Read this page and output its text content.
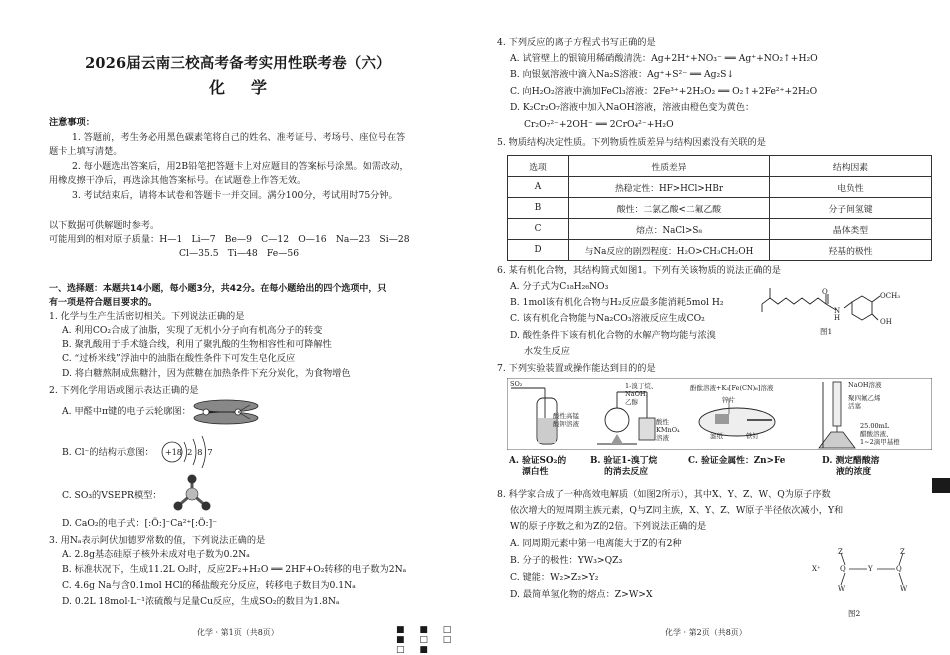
2026届云南三校高考备考实用性联考卷（六）
化学
注意事项：
1. 答题前，考生务必用黑色碳素笔将自己的姓名、准考证号、考场号、座位号在答
题卡上填写清楚。
2. 每小题选出答案后，用2B铅笔把答题卡上对应题目的答案标号涂黑。如需改动，
用橡皮擦干净后，再选涂其他答案标号。在试题卷上作答无效。
3. 考试结束后，请将本试卷和答题卡一并交回。满分100分，考试用时75分钟。
以下数据可供解题时参考。
可能用到的相对原子质量：H—1　Li—7　Be—9　C—12　O—16　Na—23　Si—28
Cl—35.5　Ti—48　Fe—56
一、选择题：本题共14小题，每小题3分，共42分。在每小题给出的四个选项中，只
有一项是符合题目要求的。
1. 化学与生产生活密切相关。下列说法正确的是
A. 利用CO₂合成了油脂，实现了无机小分子向有机高分子的转变
B. 聚乳酸用于手术缝合线，利用了聚乳酸的生物相容性和可降解性
C. “过桥米线”浮油中的油脂在酸性条件下可发生皂化反应
D. 将白糖熬制成焦糖汁，因为蔗糖在加热条件下充分炭化，为食物增色
2. 下列化学用语或图示表达正确的是
A. 甲醛中π键的电子云轮廓图：
B. Cl⁻的结构示意图： +18 2 8 7
C. SO₃的VSEPR模型：
D. CaO₂的电子式：[:Ö:]⁻Ca²⁺[:Ö:]⁻
3. 用Nₐ表示阿伏加德罗常数的值，下列说法正确的是
A. 2.8g基态硅原子核外未成对电子数为0.2Nₐ
B. 标准状况下，生成11.2L O₂时，反应2F₂+H₂O ══ 2HF+O₂转移的电子数为2Nₐ
C. 4.6g Na与含0.1mol HCl的稀盐酸充分反应，转移电子数目为0.1Nₐ
D. 0.2L 18mol·L⁻¹浓硫酸与足量Cu反应，生成SO₂的数目为1.8Nₐ
化学 · 第1页（共8页）	■ ■ □ ■ □ □ □ ■
4. 下列反应的离子方程式书写正确的是
A. 试管壁上的银镜用稀硝酸清洗：Ag+2H⁺+NO₃⁻ ══ Ag⁺+NO₂↑+H₂O
B. 向银氨溶液中滴入Na₂S溶液：Ag⁺+S²⁻ ══ Ag₂S↓
C. 向H₂O₂溶液中滴加FeCl₃溶液：2Fe³⁺+2H₂O₂ ══ O₂↑+2Fe²⁺+2H₂O
D. K₂Cr₂O₇溶液中加入NaOH溶液，溶液由橙色变为黄色：
Cr₂O₇²⁻+2OH⁻ ══ 2CrO₄²⁻+H₂O
5. 物质结构决定性质。下列物质性质差异与结构因素没有关联的是
选项	性质差异	结构因素
A	热稳定性：HF>HCl>HBr	电负性
B	酸性：二氯乙酸<二氟乙酸	分子间氢键
C	熔点：NaCl>S₈	晶体类型
D	与Na反应的剧烈程度：H₂O>CH₃CH₂OH	羟基的极性
6. 某有机化合物，其结构简式如图1。下列有关该物质的说法正确的是
A. 分子式为C₁₈H₂₆NO₃
B. 1mol该有机化合物与H₂反应最多能消耗5mol H₂
C. 该有机化合物能与Na₂CO₃溶液反应生成CO₂
D. 酸性条件下该有机化合物的水解产物均能与浓溴
水发生反应
O
N
H
OCH₃
OH
图1
7. 下列实验装置或操作能达到目的的是
SO₂
酸性高锰
酸钾溶液
1-溴丁烷、
NaOH、
乙醇
酸性
KMnO₄
溶液
酚酞溶液+K₃[Fe(CN)₆]溶液
锌片
滤纸	铁钉
NaOH溶液
聚四氟乙烯
活塞
25.00mL
醋酸溶液、
1~2滴甲基橙
A. 验证SO₂的
漂白性
B. 验证1-溴丁烷
的消去反应
C. 验证金属性：Zn>Fe	D. 测定醋酸溶
液的浓度
8. 科学家合成了一种高效电解质（如图2所示），其中X、Y、Z、W、Q为原子序数
依次增大的短周期主族元素，Q与Z同主族，X、Y、Z、W原子半径依次减小，Y和
W的原子序数之和为Z的2倍。下列说法正确的是
A. 同周期元素中第一电离能大于Z的有2种
B. 分子的极性：YW₃>QZ₃
C. 键能：W₂>Z₂>Y₂
D. 最简单氢化物的熔点：Z>W>X
X⁺	Q	Y	Q
Z	Z
W	W
图2
化学 · 第2页（共8页）
